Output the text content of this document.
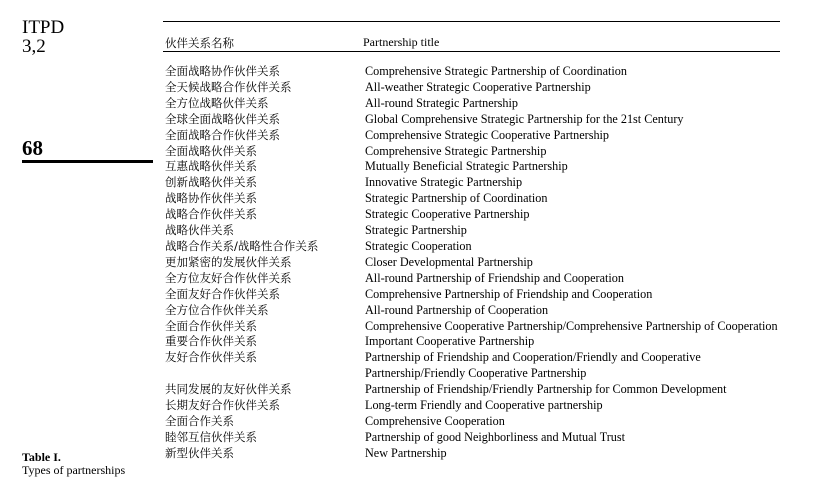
ITPD
3,2
68
伙伴关系名称	Partnership title
全面战略协作伙伴关系	Comprehensive Strategic Partnership of Coordination
全天候战略合作伙伴关系	All-weather Strategic Cooperative Partnership
全方位战略伙伴关系	All-round Strategic Partnership
全球全面战略伙伴关系	Global Comprehensive Strategic Partnership for the 21st Century
全面战略合作伙伴关系	Comprehensive Strategic Cooperative Partnership
全面战略伙伴关系	Comprehensive Strategic Partnership
互惠战略伙伴关系	Mutually Beneficial Strategic Partnership
创新战略伙伴关系	Innovative Strategic Partnership
战略协作伙伴关系	Strategic Partnership of Coordination
战略合作伙伴关系	Strategic Cooperative Partnership
战略伙伴关系	Strategic Partnership
战略合作关系/战略性合作关系	Strategic Cooperation
更加紧密的发展伙伴关系	Closer Developmental Partnership
全方位友好合作伙伴关系	All-round Partnership of Friendship and Cooperation
全面友好合作伙伴关系	Comprehensive Partnership of Friendship and Cooperation
全方位合作伙伴关系	All-round Partnership of Cooperation
全面合作伙伴关系	Comprehensive Cooperative Partnership/Comprehensive Partnership of Cooperation
重要合作伙伴关系	Important Cooperative Partnership
友好合作伙伴关系	Partnership of Friendship and Cooperation/Friendly and Cooperative Partnership/Friendly Cooperative Partnership
共同发展的友好伙伴关系	Partnership of Friendship/Friendly Partnership for Common Development
长期友好合作伙伴关系	Long-term Friendly and Cooperative partnership
全面合作关系	Comprehensive Cooperation
睦邻互信伙伴关系	Partnership of good Neighborliness and Mutual Trust
新型伙伴关系	New Partnership
Table I.
Types of partnerships
